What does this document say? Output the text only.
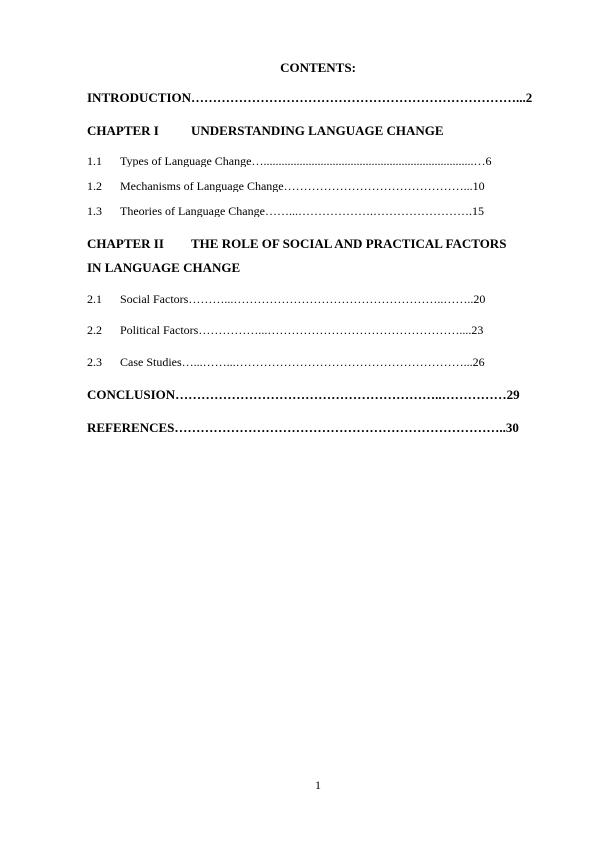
CONTENTS:
INTRODUCTION…………………………………………………………………...2
CHAPTER I UNDERSTANDING LANGUAGE CHANGE
1.1 Types of Language Change…......................................................................…6
1.2 Mechanisms of Language Change………………………………………...10
1.3 Theories of Language Change……...……………….…………………….15
CHAPTER II THE ROLE OF SOCIAL AND PRACTICAL FACTORS
IN LANGUAGE CHANGE
2.1 Social Factors………...……………………………………………..……..20
2.2 Political Factors……………...…………………………………………....23
2.3 Case Studies…...……...…………………………………………………...26
CONCLUSION……………………………………………………..……………29
REFERENCES…………………………………………………………………..30
1
